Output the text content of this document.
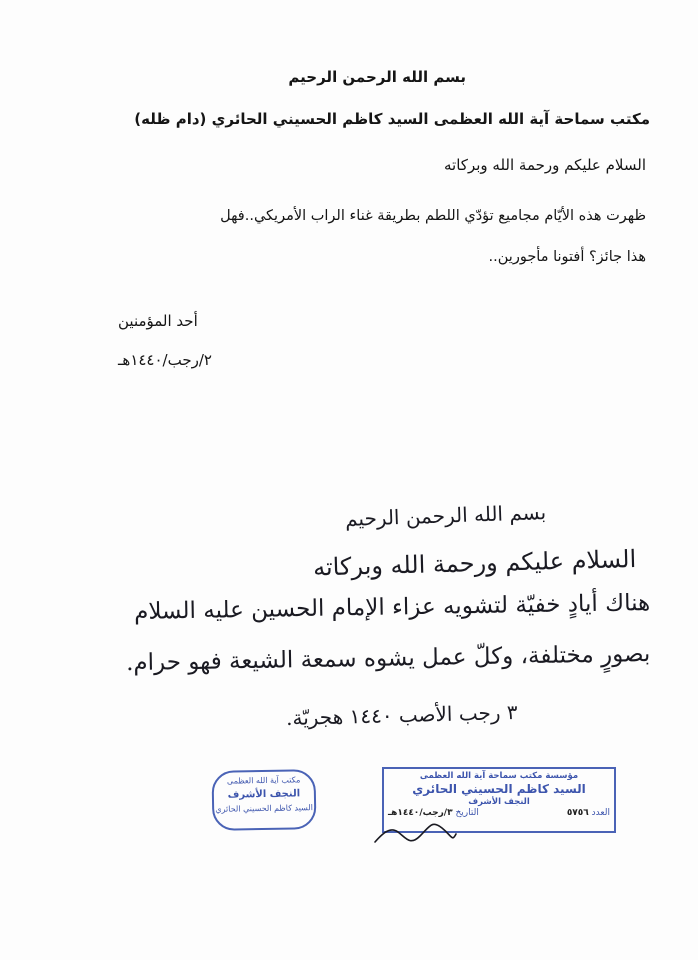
بسم الله الرحمن الرحيم
مكتب سماحة آية الله العظمى السيد كاظم الحسيني الحائري (دام ظله)
السلام عليكم ورحمة الله وبركاته
ظهرت هذه الأيّام مجاميع تؤدّي اللطم بطريقة غناء الراب الأمريكي..فهل
هذا جائز؟ أفتونا مأجورين..
أحد المؤمنين
٢/رجب/١٤٤٠هـ
بسم الله الرحمن الرحيم
السلام عليكم ورحمة الله وبركاته
هناك أيادٍ خفيّة لتشويه عزاء الإمام الحسين عليه السلام
بصورٍ مختلفة، وكلّ عمل يشوه سمعة الشيعة فهو حرام.
٣ رجب الأصب ١٤٤٠ هجريّة.
مكتب آية الله العظمى
النجف الأشرف
السيد كاظم الحسيني الحائري
مؤسسة مكتب سماحة آية الله العظمى
السيد كاظم الحسيني الحائري
النجف الأشرف
العدد ٥٧٥٦
التاريخ ٣/رجب/١٤٤٠هـ
